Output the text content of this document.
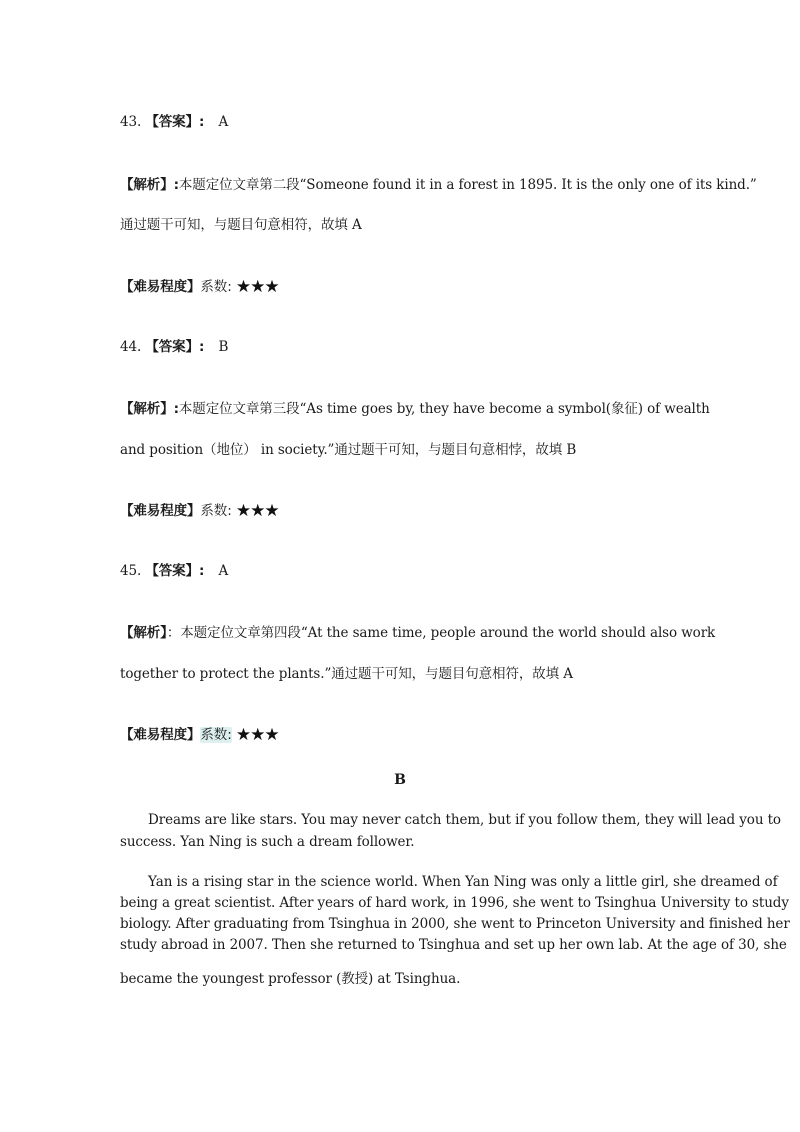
43. 【答案】: A
【解析】:本题定位文章第二段“Someone found it in a forest in 1895. It is the only one of its kind.”
通过题干可知，与题目句意相符，故填 A
【难易程度】系数: ★★★
44. 【答案】: B
【解析】:本题定位文章第三段“As time goes by, they have become a symbol(象征) of wealth
and position（地位） in society.”通过题干可知，与题目句意相悖，故填 B
【难易程度】系数: ★★★
45. 【答案】: A
【解析】：本题定位文章第四段“At the same time, people around the world should also work
together to protect the plants.”通过题干可知，与题目句意相符，故填 A
【难易程度】系数: ★★★
B
Dreams are like stars. You may never catch them, but if you follow them, they will lead you to
success. Yan Ning is such a dream follower.
Yan is a rising star in the science world. When Yan Ning was only a little girl, she dreamed of
being a great scientist. After years of hard work, in 1996, she went to Tsinghua University to study
biology. After graduating from Tsinghua in 2000, she went to Princeton University and finished her
study abroad in 2007. Then she returned to Tsinghua and set up her own lab. At the age of 30, she
became the youngest professor (教授) at Tsinghua.
